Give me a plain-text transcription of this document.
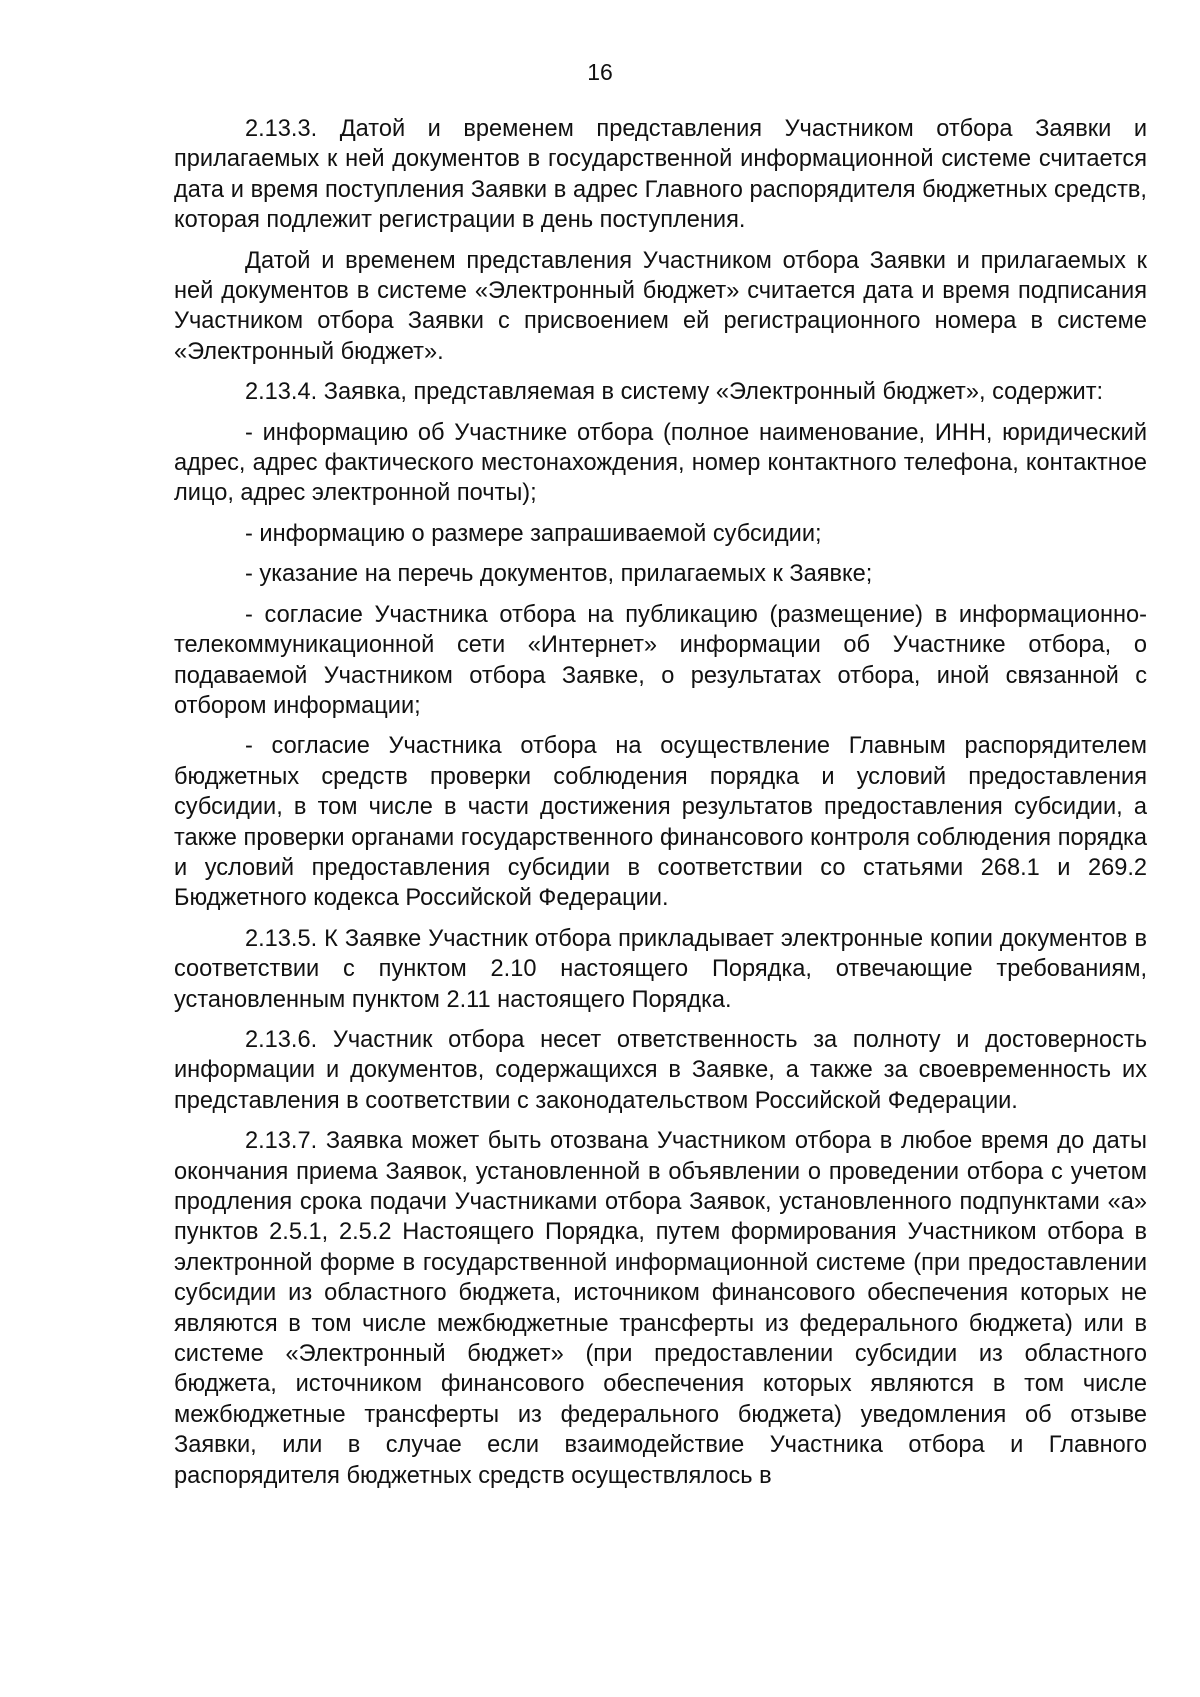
16

2.13.3. Датой и временем представления Участником отбора Заявки и прилагаемых к ней документов в государственной информационной системе считается дата и время поступления Заявки в адрес Главного распорядителя бюджетных средств, которая подлежит регистрации в день поступления.

Датой и временем представления Участником отбора Заявки и прилагаемых к ней документов в системе «Электронный бюджет» считается дата и время подписания Участником отбора Заявки с присвоением ей регистрационного номера в системе «Электронный бюджет».

2.13.4. Заявка, представляемая в систему «Электронный бюджет», содержит:

- информацию об Участнике отбора (полное наименование, ИНН, юридический адрес, адрес фактического местонахождения, номер контактного телефона, контактное лицо, адрес электронной почты);

- информацию о размере запрашиваемой субсидии;

- указание на перечь документов, прилагаемых к Заявке;

- согласие Участника отбора на публикацию (размещение) в информационно-телекоммуникационной сети «Интернет» информации об Участнике отбора, о подаваемой Участником отбора Заявке, о результатах отбора, иной связанной с отбором информации;

- согласие Участника отбора на осуществление Главным распорядителем бюджетных средств проверки соблюдения порядка и условий предоставления субсидии, в том числе в части достижения результатов предоставления субсидии, а также проверки органами государственного финансового контроля соблюдения порядка и условий предоставления субсидии в соответствии со статьями 268.1 и 269.2 Бюджетного кодекса Российской Федерации.

2.13.5. К Заявке Участник отбора прикладывает электронные копии документов в соответствии с пунктом 2.10 настоящего Порядка, отвечающие требованиям, установленным пунктом 2.11 настоящего Порядка.

2.13.6. Участник отбора несет ответственность за полноту и достоверность информации и документов, содержащихся в Заявке, а также за своевременность их представления в соответствии с законодательством Российской Федерации.

2.13.7. Заявка может быть отозвана Участником отбора в любое время до даты окончания приема Заявок, установленной в объявлении о проведении отбора с учетом продления срока подачи Участниками отбора Заявок, установленного подпунктами «а» пунктов 2.5.1, 2.5.2 Настоящего Порядка, путем формирования Участником отбора в электронной форме в государственной информационной системе (при предоставлении субсидии из областного бюджета, источником финансового обеспечения которых не являются в том числе межбюджетные трансферты из федерального бюджета) или в системе «Электронный бюджет» (при предоставлении субсидии из областного бюджета, источником финансового обеспечения которых являются в том числе межбюджетные трансферты из федерального бюджета) уведомления об отзыве Заявки, или в случае если взаимодействие Участника отбора и Главного распорядителя бюджетных средств осуществлялось в
